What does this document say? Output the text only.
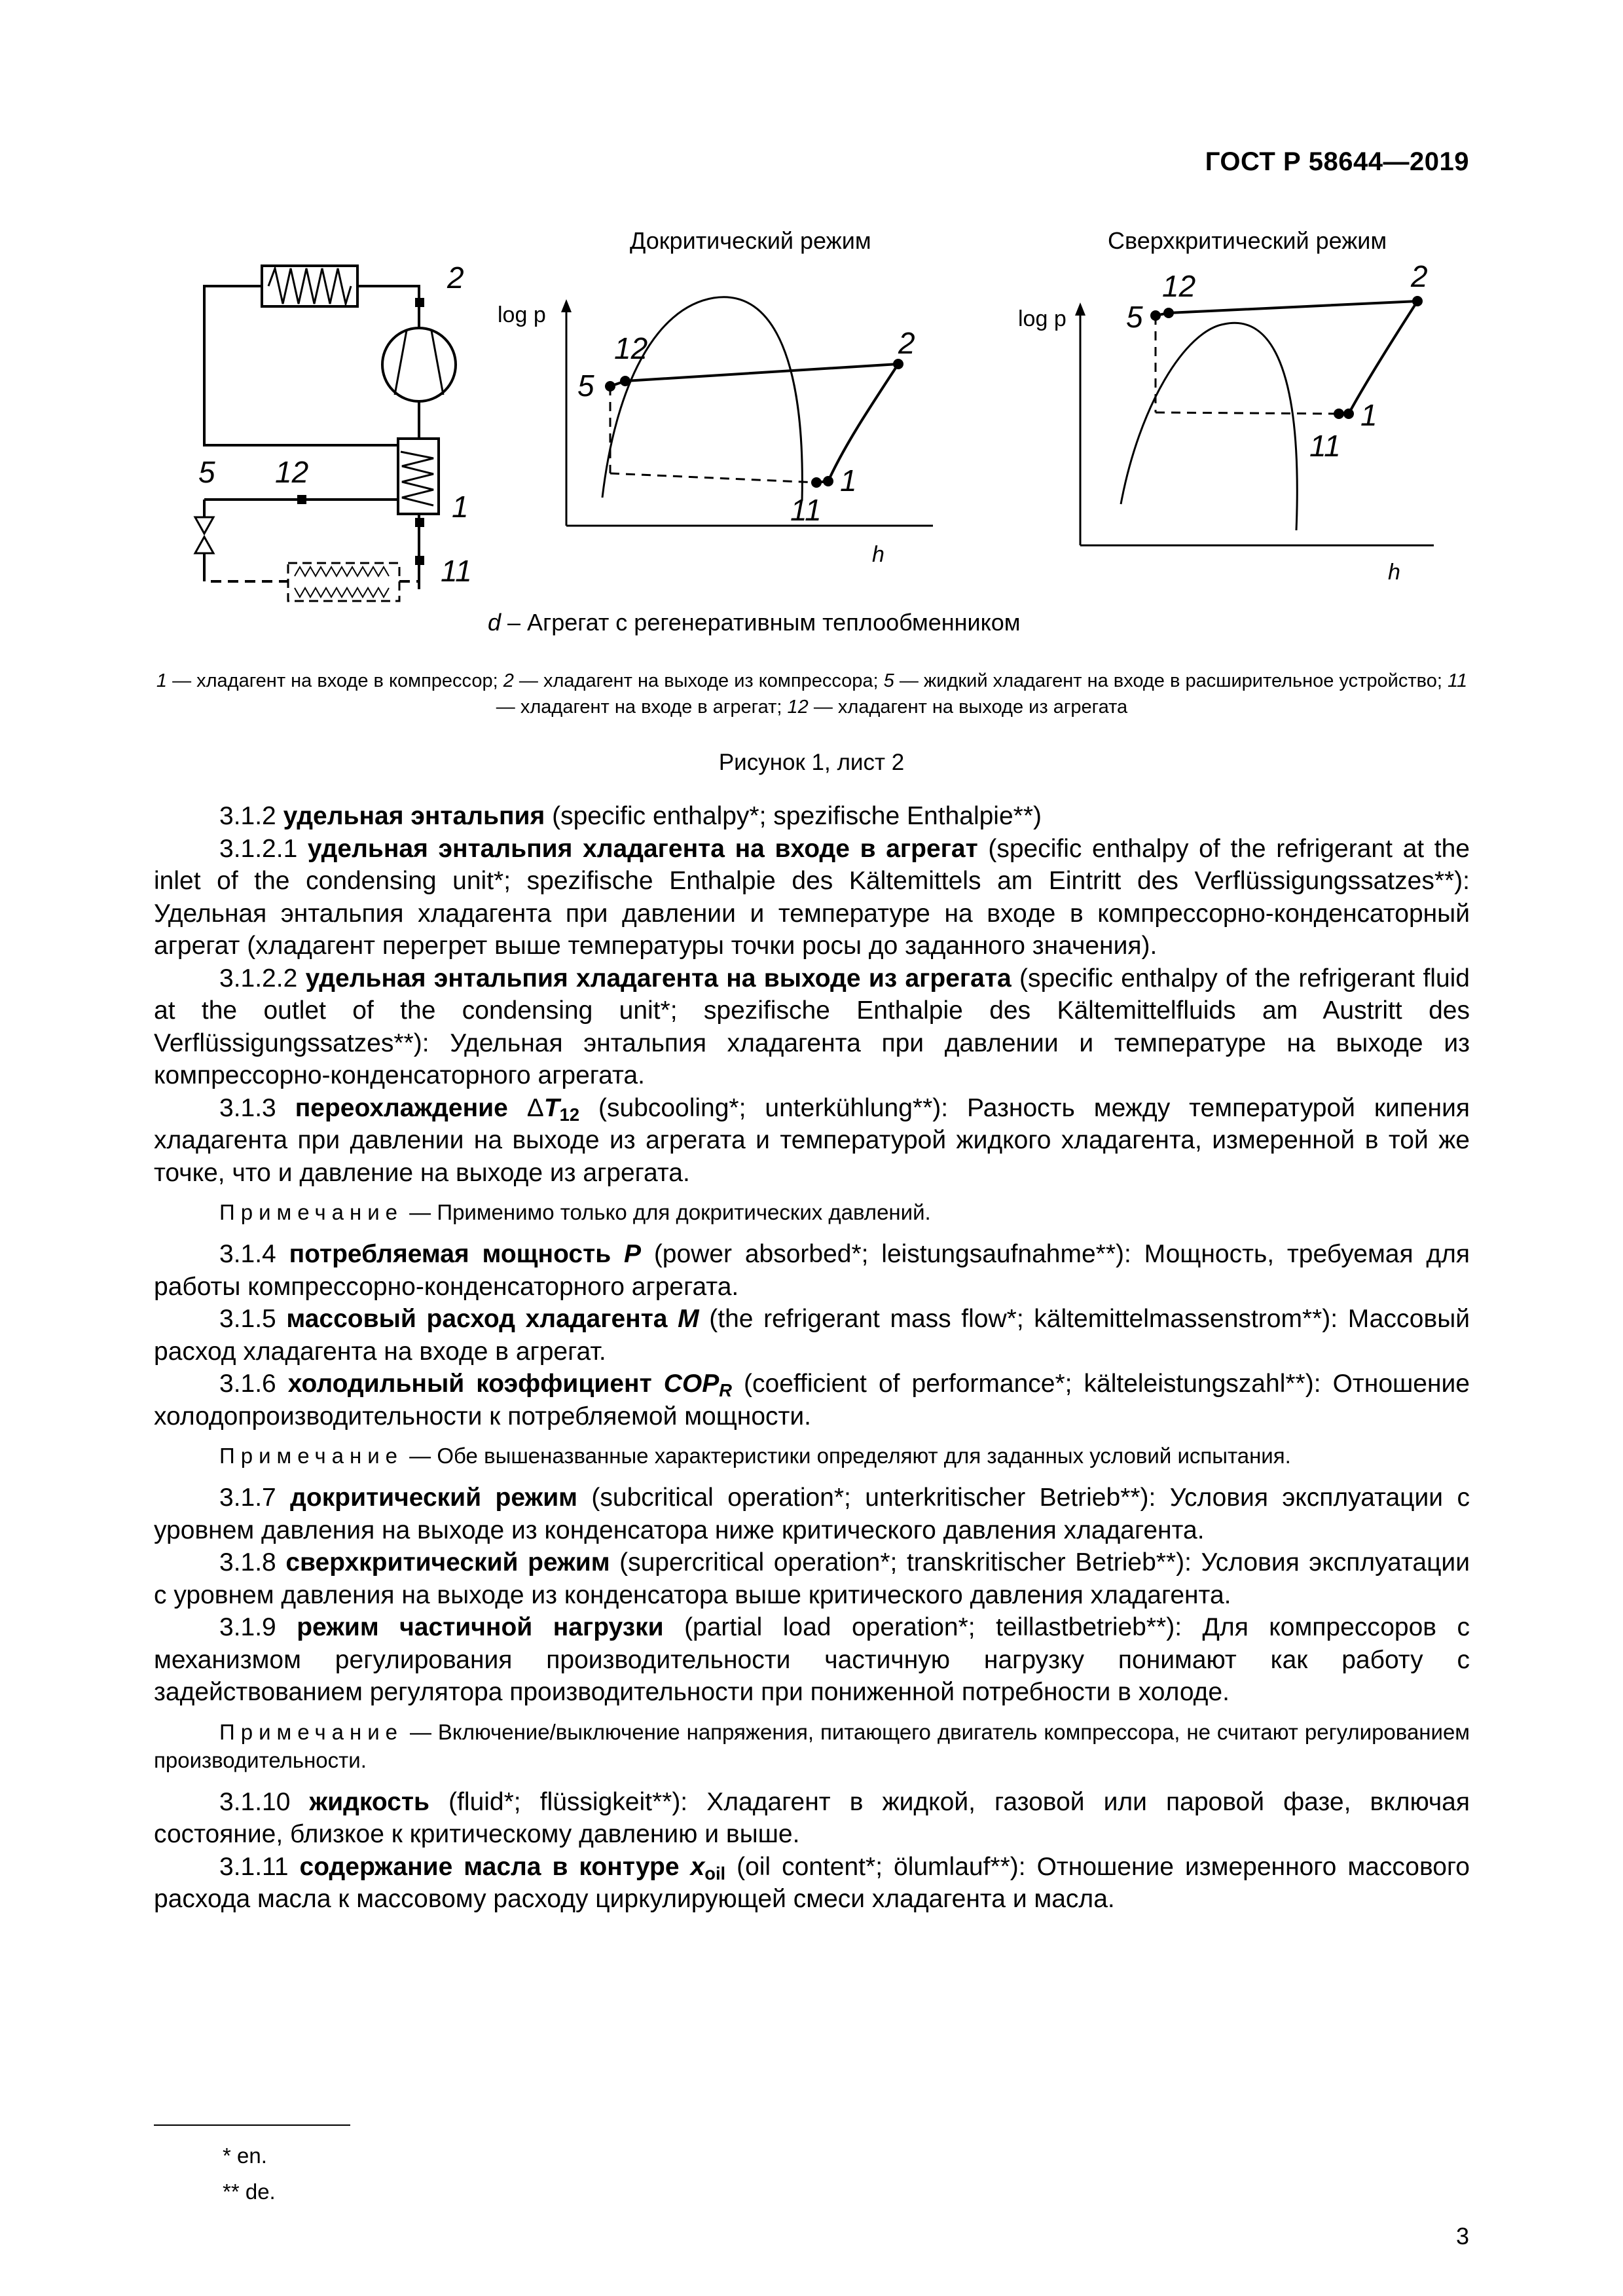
ГОСТ Р 58644—2019
2
5 12
1
11
Докритический режим
log p
h
12	2
5
1
11
Сверхкритический режим
log p
h
12	2
5
1
11
d – Агрегат с регенеративным теплообменником
1 — хладагент на входе в компрессор; 2 — хладагент на выходе из компрессора; 5 — жидкий хладагент на входе в расширительное устройство; 11 — хладагент на входе в агрегат; 12 — хладагент на выходе из агрегата
Рисунок 1, лист 2

3.1.2 удельная энтальпия (specific enthalpy*; spezifische Enthalpie**)

3.1.2.1 удельная энтальпия хладагента на входе в агрегат (specific enthalpy of the refrigerant at the inlet of the condensing unit*; spezifische Enthalpie des Kältemittels am Eintritt des Verflüssigungssatzes**): Удельная энтальпия хладагента при давлении и температуре на входе в компрессорно-конденсаторный агрегат (хладагент перегрет выше температуры точки росы до заданного значения).

3.1.2.2 удельная энтальпия хладагента на выходе из агрегата (specific enthalpy of the refrigerant fluid at the outlet of the condensing unit*; spezifische Enthalpie des Kältemittelfluids am Austritt des Verflüssigungssatzes**): Удельная энтальпия хладагента при давлении и температуре на выходе из компрессорно-конденсаторного агрегата.

3.1.3 переохлаждение $\Delta T_{12}$ (subcooling*; unterkühlung**): Разность между температурой кипения хладагента при давлении на выходе из агрегата и температурой жидкого хладагента, измеренной в той же точке, что и давление на выходе из агрегата.

Примечание — Применимо только для докритических давлений.

3.1.4 потребляемая мощность P (power absorbed*; leistungsaufnahme**): Мощность, требуемая для работы компрессорно-конденсаторного агрегата.

3.1.5 массовый расход хладагента M (the refrigerant mass flow*; kältemittelmassenstrom**): Массовый расход хладагента на входе в агрегат.

3.1.6 холодильный коэффициент $COP_R$ (coefficient of performance*; kälteleistungszahl**): Отношение холодопроизводительности к потребляемой мощности.

Примечание — Обе вышеназванные характеристики определяют для заданных условий испытания.

3.1.7 докритический режим (subcritical operation*; unterkritischer Betrieb**): Условия эксплуатации с уровнем давления на выходе из конденсатора ниже критического давления хладагента.

3.1.8 сверхкритический режим (supercritical operation*; transkritischer Betrieb**): Условия эксплуатации с уровнем давления на выходе из конденсатора выше критического давления хладагента.

3.1.9 режим частичной нагрузки (partial load operation*; teillastbetrieb**): Для компрессоров с механизмом регулирования производительности частичную нагрузку понимают как работу с задействованием регулятора производительности при пониженной потребности в холоде.

Примечание — Включение/выключение напряжения, питающего двигатель компрессора, не считают регулированием производительности.

3.1.10 жидкость (fluid*; flüssigkeit**): Хладагент в жидкой, газовой или паровой фазе, включая состояние, близкое к критическому давлению и выше.

3.1.11 содержание масла в контуре $x_{oil}$ (oil content*; ölumlauf**): Отношение измеренного массового расхода масла к массовому расходу циркулирующей смеси хладагента и масла.

* en.
** de.
3
